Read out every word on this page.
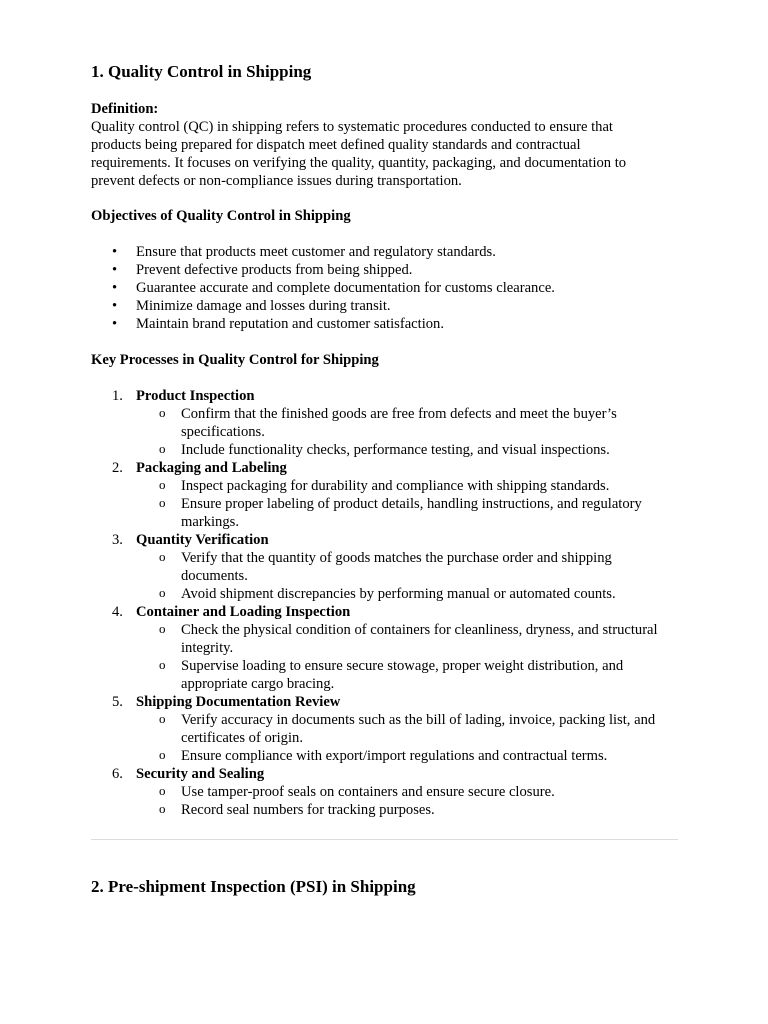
1. Quality Control in Shipping

Definition:

Quality control (QC) in shipping refers to systematic procedures conducted to ensure that products being prepared for dispatch meet defined quality standards and contractual requirements. It focuses on verifying the quality, quantity, packaging, and documentation to prevent defects or non-compliance issues during transportation.

Objectives of Quality Control in Shipping

• Ensure that products meet customer and regulatory standards.
• Prevent defective products from being shipped.
• Guarantee accurate and complete documentation for customs clearance.
• Minimize damage and losses during transit.
• Maintain brand reputation and customer satisfaction.

Key Processes in Quality Control for Shipping

1. Product Inspection
o Confirm that the finished goods are free from defects and meet the buyer’s specifications.
o Include functionality checks, performance testing, and visual inspections.
2. Packaging and Labeling
o Inspect packaging for durability and compliance with shipping standards.
o Ensure proper labeling of product details, handling instructions, and regulatory markings.
3. Quantity Verification
o Verify that the quantity of goods matches the purchase order and shipping documents.
o Avoid shipment discrepancies by performing manual or automated counts.
4. Container and Loading Inspection
o Check the physical condition of containers for cleanliness, dryness, and structural integrity.
o Supervise loading to ensure secure stowage, proper weight distribution, and appropriate cargo bracing.
5. Shipping Documentation Review
o Verify accuracy in documents such as the bill of lading, invoice, packing list, and certificates of origin.
o Ensure compliance with export/import regulations and contractual terms.
6. Security and Sealing
o Use tamper-proof seals on containers and ensure secure closure.
o Record seal numbers for tracking purposes.
2. Pre-shipment Inspection (PSI) in Shipping
